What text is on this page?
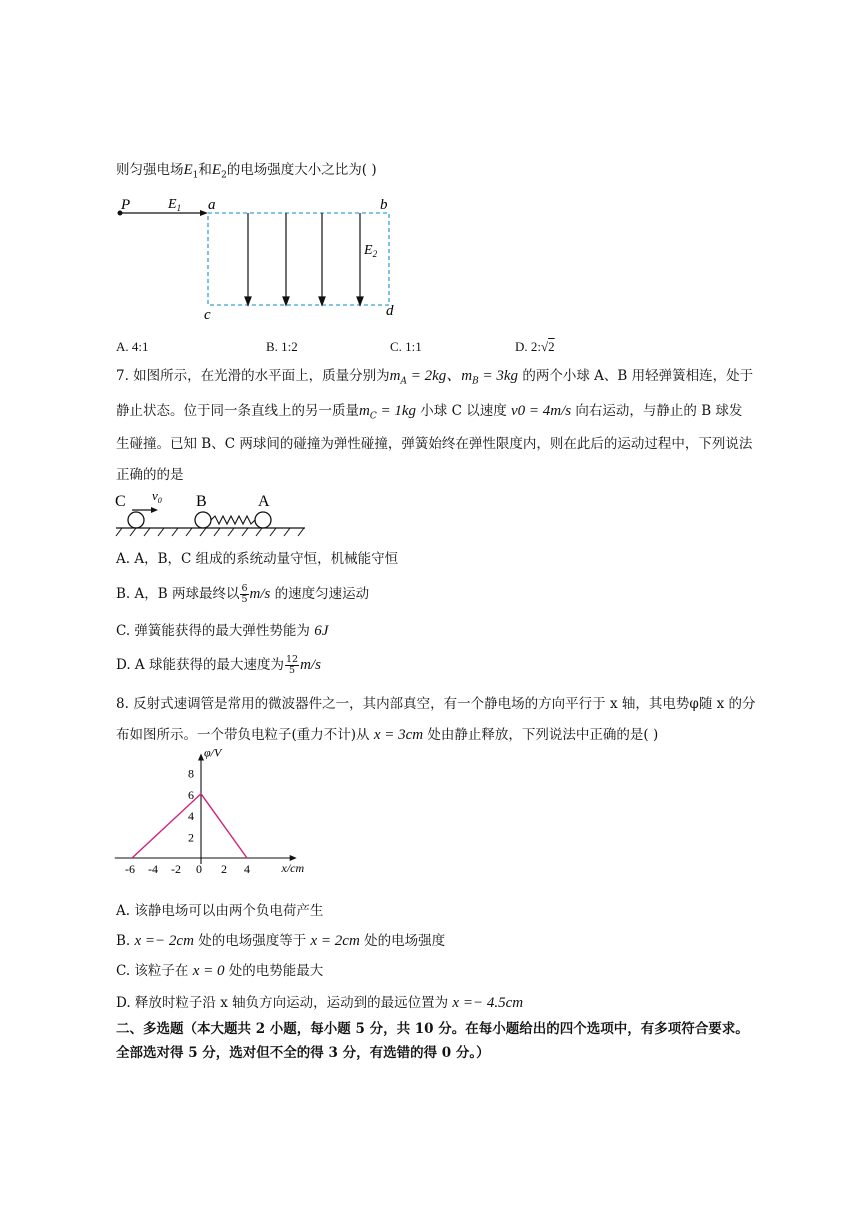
则匀强电场$E_1$和$E_2$的电场强度大小之比为( )
P	$E_1$ a	b
c	d
$E_2$
A. 4:1	B. 1:2	C. 1:1	D. 2:√2
7. 如图所示，在光滑的水平面上，质量分别为$m_A = 2kg$、$m_B = 3kg$ 的两个小球 A、B 用轻弹簧相连，处于
静止状态。位于同一条直线上的另一质量$m_C = 1kg$ 小球 C 以速度 v0 = 4m/s 向右运动，与静止的 B 球发
生碰撞。已知 B、C 两球间的碰撞为弹性碰撞，弹簧始终在弹性限度内，则在此后的运动过程中，下列说法
正确的的是
C $v_0$ B	A
A. A，B，C 组成的系统动量守恒，机械能守恒
B. A，B 两球最终以 $\frac{6}{5} m/s$ 的速度匀速运动
C. 弹簧能获得的最大弹性势能为 6J
D. A 球能获得的最大速度为 $\frac{12}{5} m/s$
8. 反射式速调管是常用的微波器件之一，其内部真空，有一个静电场的方向平行于 x 轴，其电势φ随 x 的分
布如图所示。一个带负电粒子(重力不计)从 x = 3cm 处由静止释放，下列说法中正确的是( )
x/cm
φ/V
-6 -4 -2 0 2 4
2
4
6
8
A. 该静电场可以由两个负电荷产生
B. x =− 2cm 处的电场强度等于 x = 2cm 处的电场强度
C. 该粒子在 x = 0 处的电势能最大
D. 释放时粒子沿 x 轴负方向运动，运动到的最远位置为 x =− 4.5cm
二、多选题（本大题共 2 小题，每小题 5 分，共 10 分。在每小题给出的四个选项中，有多项符合要求。
全部选对得 5 分，选对但不全的得 3 分，有选错的得 0 分。）
